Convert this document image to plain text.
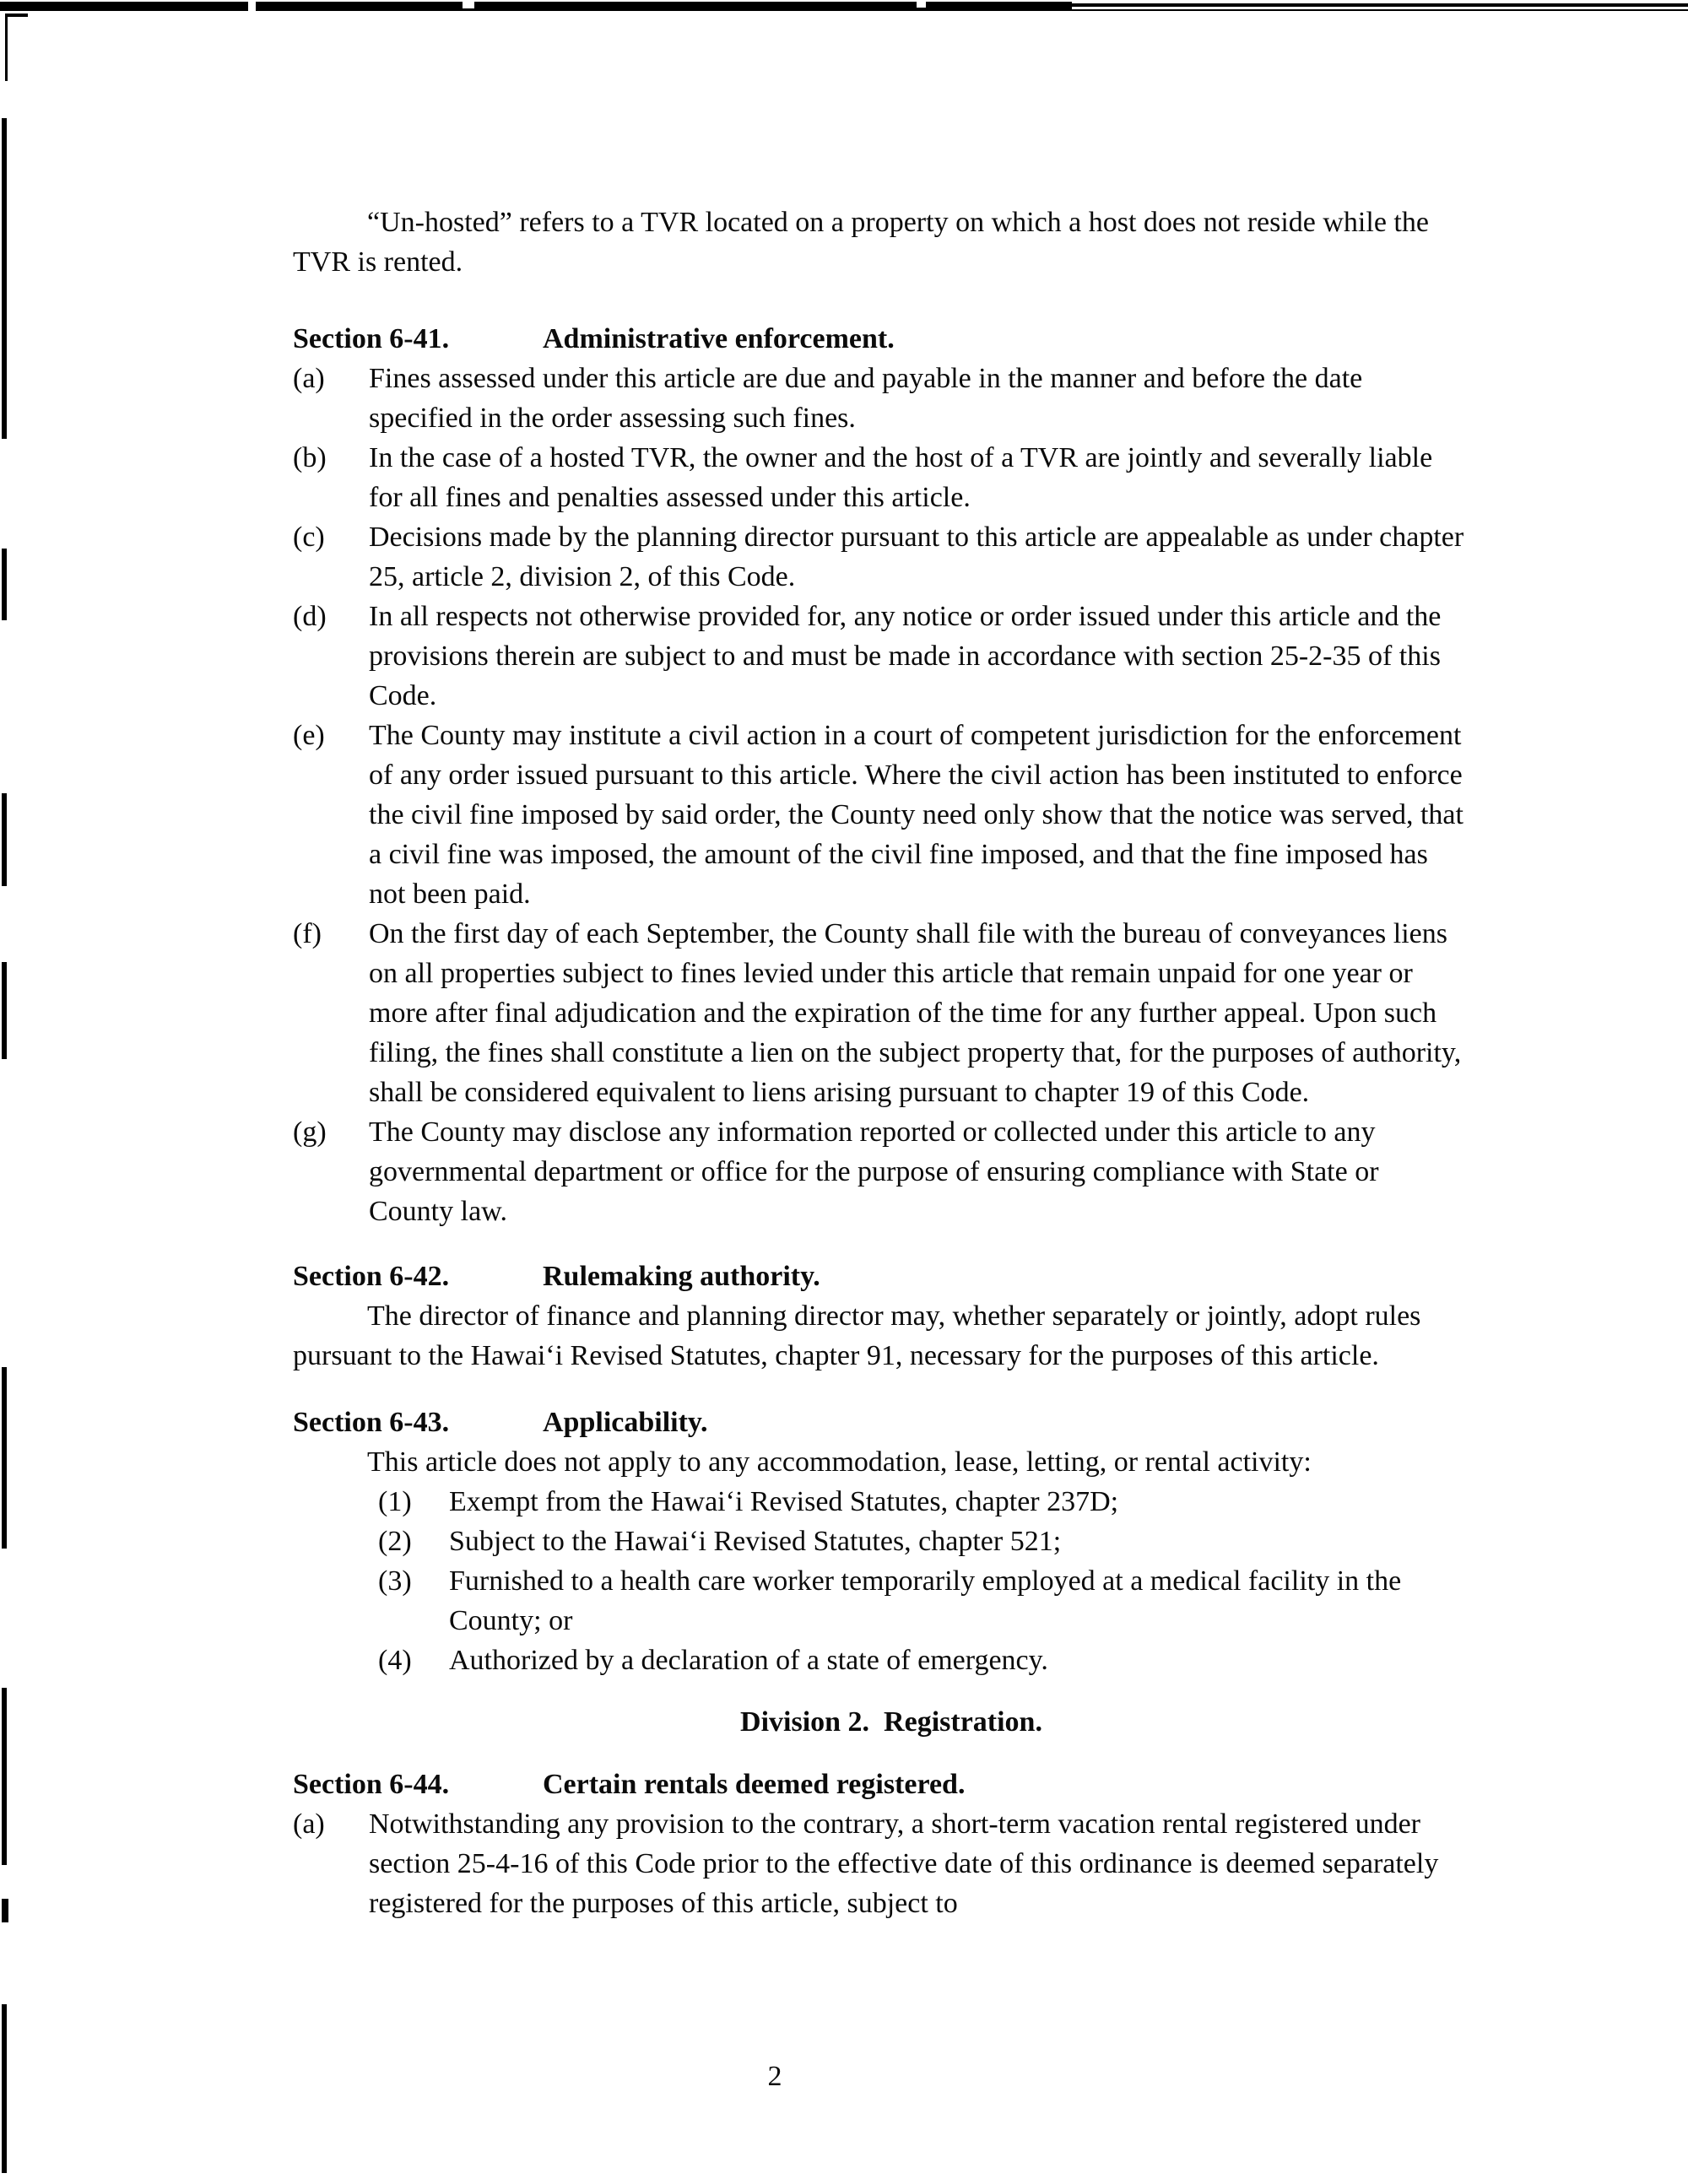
“Un-hosted” refers to a TVR located on a property on which a host does not reside while the TVR is rented.

Section 6-41.	Administrative enforcement.
(a)	Fines assessed under this article are due and payable in the manner and before the date specified in the order assessing such fines.
(b)	In the case of a hosted TVR, the owner and the host of a TVR are jointly and severally liable for all fines and penalties assessed under this article.
(c)	Decisions made by the planning director pursuant to this article are appealable as under chapter 25, article 2, division 2, of this Code.
(d)	In all respects not otherwise provided for, any notice or order issued under this article and the provisions therein are subject to and must be made in accordance with section 25-2-35 of this Code.
(e)	The County may institute a civil action in a court of competent jurisdiction for the enforcement of any order issued pursuant to this article. Where the civil action has been instituted to enforce the civil fine imposed by said order, the County need only show that the notice was served, that a civil fine was imposed, the amount of the civil fine imposed, and that the fine imposed has not been paid.
(f)	On the first day of each September, the County shall file with the bureau of conveyances liens on all properties subject to fines levied under this article that remain unpaid for one year or more after final adjudication and the expiration of the time for any further appeal. Upon such filing, the fines shall constitute a lien on the subject property that, for the purposes of authority, shall be considered equivalent to liens arising pursuant to chapter 19 of this Code.
(g)	The County may disclose any information reported or collected under this article to any governmental department or office for the purpose of ensuring compliance with State or County law.
Section 6-42.	Rulemaking authority.

The director of finance and planning director may, whether separately or jointly, adopt rules pursuant to the Hawai‘i Revised Statutes, chapter 91, necessary for the purposes of this article.

Section 6-43.	Applicability.

This article does not apply to any accommodation, lease, letting, or rental activity:

(1)	Exempt from the Hawai‘i Revised Statutes, chapter 237D;
(2)	Subject to the Hawai‘i Revised Statutes, chapter 521;
(3)	Furnished to a health care worker temporarily employed at a medical facility in the County; or
(4)	Authorized by a declaration of a state of emergency.
Division 2.  Registration.
Section 6-44.	Certain rentals deemed registered.
(a)	Notwithstanding any provision to the contrary, a short-term vacation rental registered under section 25-4-16 of this Code prior to the effective date of this ordinance is deemed separately registered for the purposes of this article, subject to
2
